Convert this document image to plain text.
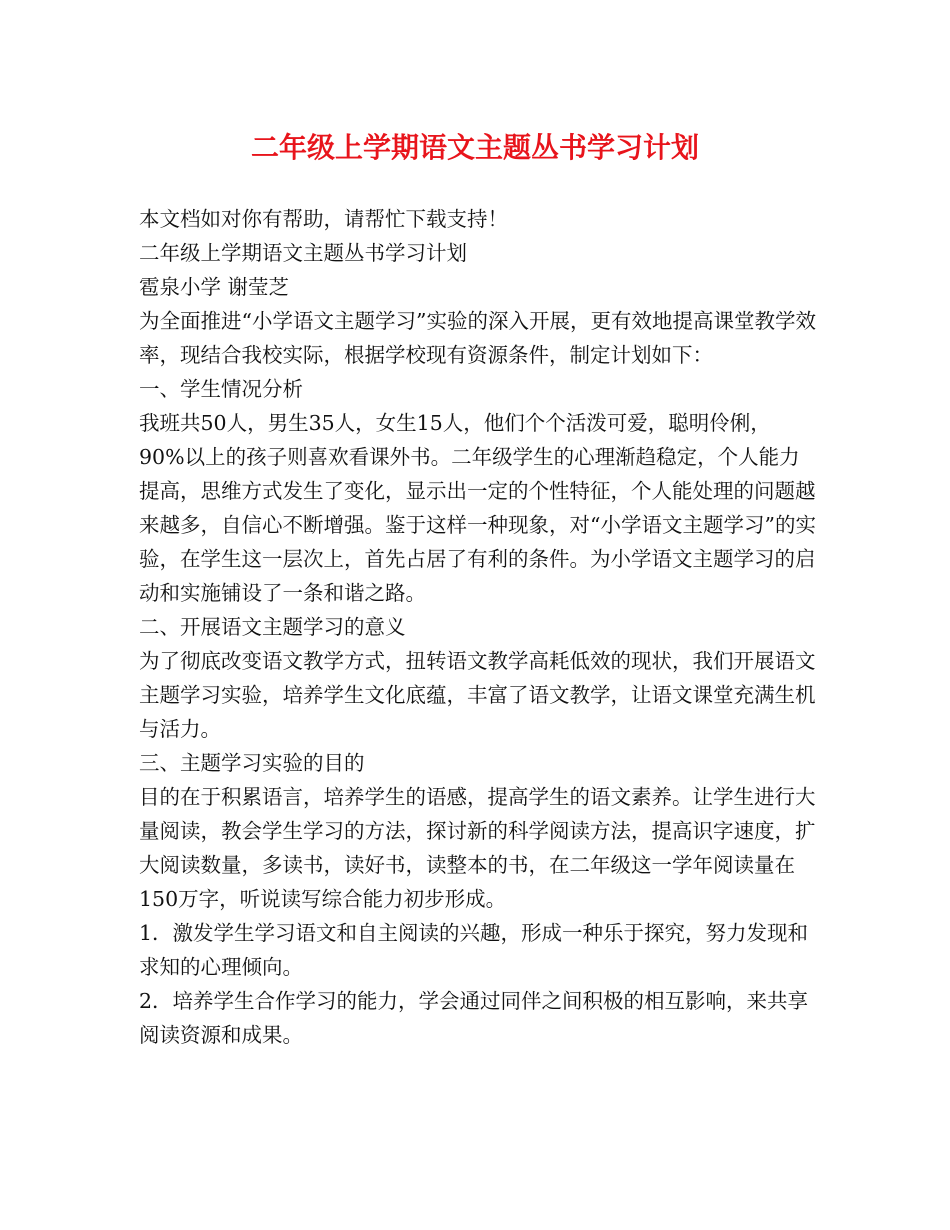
二年级上学期语文主题丛书学习计划

本文档如对你有帮助，请帮忙下载支持！

二年级上学期语文主题丛书学习计划

雹泉小学 谢莹芝

为全面推进“小学语文主题学习”实验的深入开展，更有效地提高课堂教学效率，现结合我校实际，根据学校现有资源条件，制定计划如下：

一、学生情况分析

我班共50人，男生35人，女生15人，他们个个活泼可爱，聪明伶俐， 90%以上的孩子则喜欢看课外书。二年级学生的心理渐趋稳定，个人能力提高，思维方式发生了变化，显示出一定的个性特征，个人能处理的问题越来越多，自信心不断增强。鉴于这样一种现象，对“小学语文主题学习”的实验，在学生这一层次上，首先占居了有利的条件。为小学语文主题学习的启动和实施铺设了一条和谐之路。

二、开展语文主题学习的意义

为了彻底改变语文教学方式，扭转语文教学高耗低效的现状，我们开展语文主题学习实验，培养学生文化底蕴，丰富了语文教学，让语文课堂充满生机与活力。

三、主题学习实验的目的

目的在于积累语言，培养学生的语感，提高学生的语文素养。让学生进行大量阅读，教会学生学习的方法，探讨新的科学阅读方法，提高识字速度，扩大阅读数量，多读书，读好书，读整本的书，在二年级这一学年阅读量在150万字，听说读写综合能力初步形成。

1．激发学生学习语文和自主阅读的兴趣，形成一种乐于探究，努力发现和求知的心理倾向。

2．培养学生合作学习的能力，学会通过同伴之间积极的相互影响，来共享阅读资源和成果。
